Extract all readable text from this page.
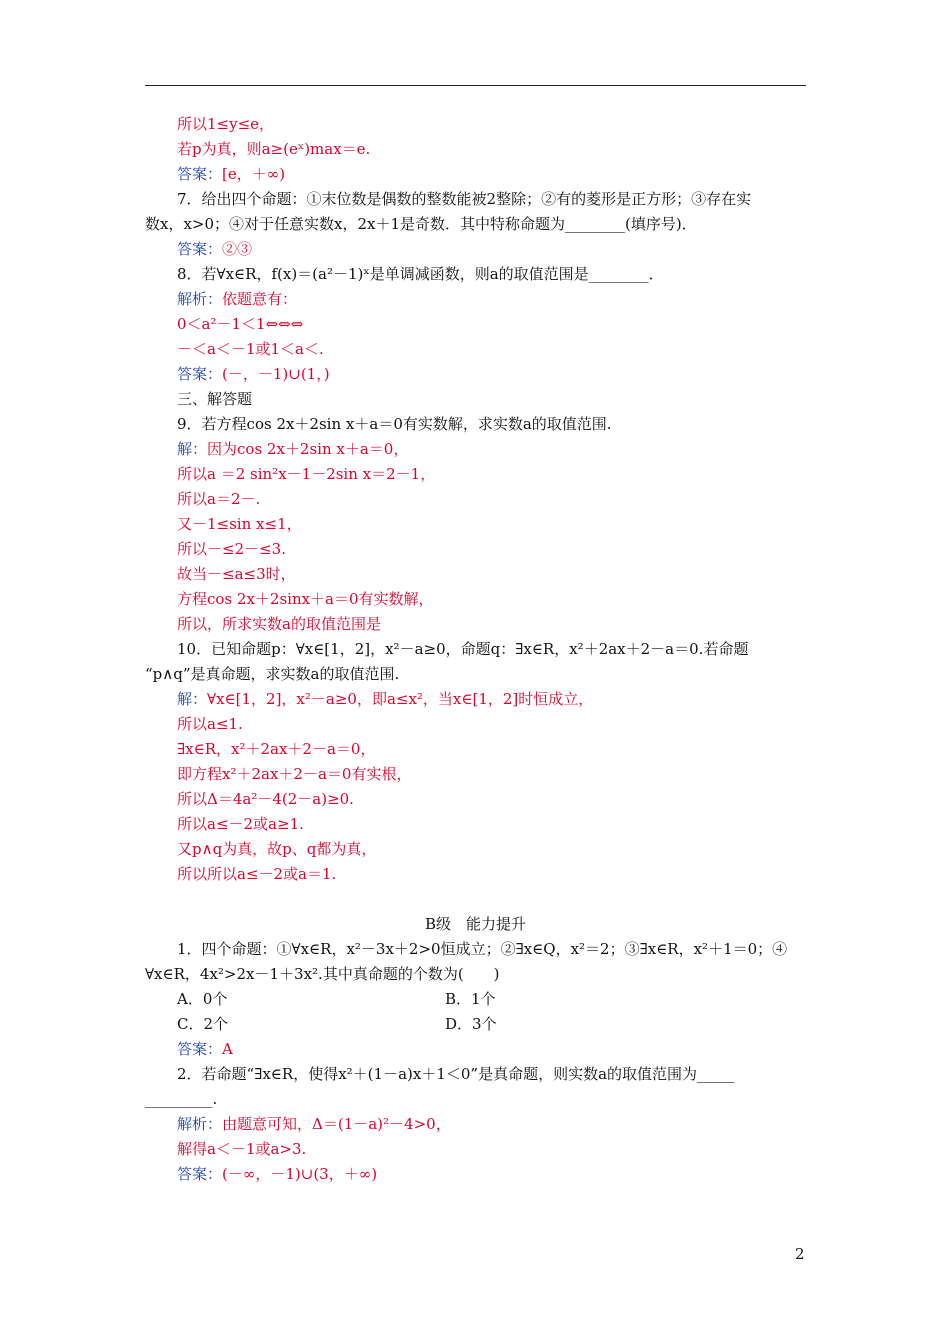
所以1≤y≤e，
若p为真，则a≥(eˣ)max＝e.
答案：[e，＋∞)
7．给出四个命题：①末位数是偶数的整数能被2整除；②有的菱形是正方形；③存在实
数x，x>0；④对于任意实数x，2x＋1是奇数．其中特称命题为________(填序号)．
答案：②③
8．若∀x∈R，f(x)＝(a²－1)ˣ是单调减函数，则a的取值范围是________．
解析：依题意有：
0＜a²－1＜1⇔⇔⇔
－＜a＜－1或1＜a＜.
答案：(－，－1)∪(1，)
三、解答题
9．若方程cos 2x＋2sin x＋a＝0有实数解，求实数a的取值范围.
解：因为cos 2x＋2sin x＋a＝0，
所以a ＝2 sin²x－1－2sin x＝2－1，
所以a＝2－.
又－1≤sin x≤1，
所以－≤2－≤3.
故当－≤a≤3时，
方程cos 2x＋2sinx＋a＝0有实数解，
所以，所求实数a的取值范围是
10．已知命题p：∀x∈[1，2]，x²－a≥0，命题q：∃x∈R，x²＋2ax＋2－a＝0.若命题
“p∧q”是真命题，求实数a的取值范围.
解：∀x∈[1，2]，x²－a≥0，即a≤x²，当x∈[1，2]时恒成立，
所以a≤1.
∃x∈R，x²＋2ax＋2－a＝0，
即方程x²＋2ax＋2－a＝0有实根，
所以Δ＝4a²－4(2－a)≥0.
所以a≤－2或a≥1.
又p∧q为真，故p、q都为真，
所以所以a≤－2或a＝1.
B级　能力提升
1．四个命题：①∀x∈R，x²－3x＋2>0恒成立；②∃x∈Q，x²＝2；③∃x∈R，x²＋1＝0；④
∀x∈R，4x²>2x－1＋3x².其中真命题的个数为(　　)
A．0个	B．1个
C．2个	D．3个
答案：A
2．若命题“∃x∈R，使得x²＋(1－a)x＋1＜0”是真命题，则实数a的取值范围为_____
_________.
解析：由题意可知，Δ＝(1－a)²－4>0，
解得a＜－1或a>3.
答案：(－∞，－1)∪(3，＋∞)
2
